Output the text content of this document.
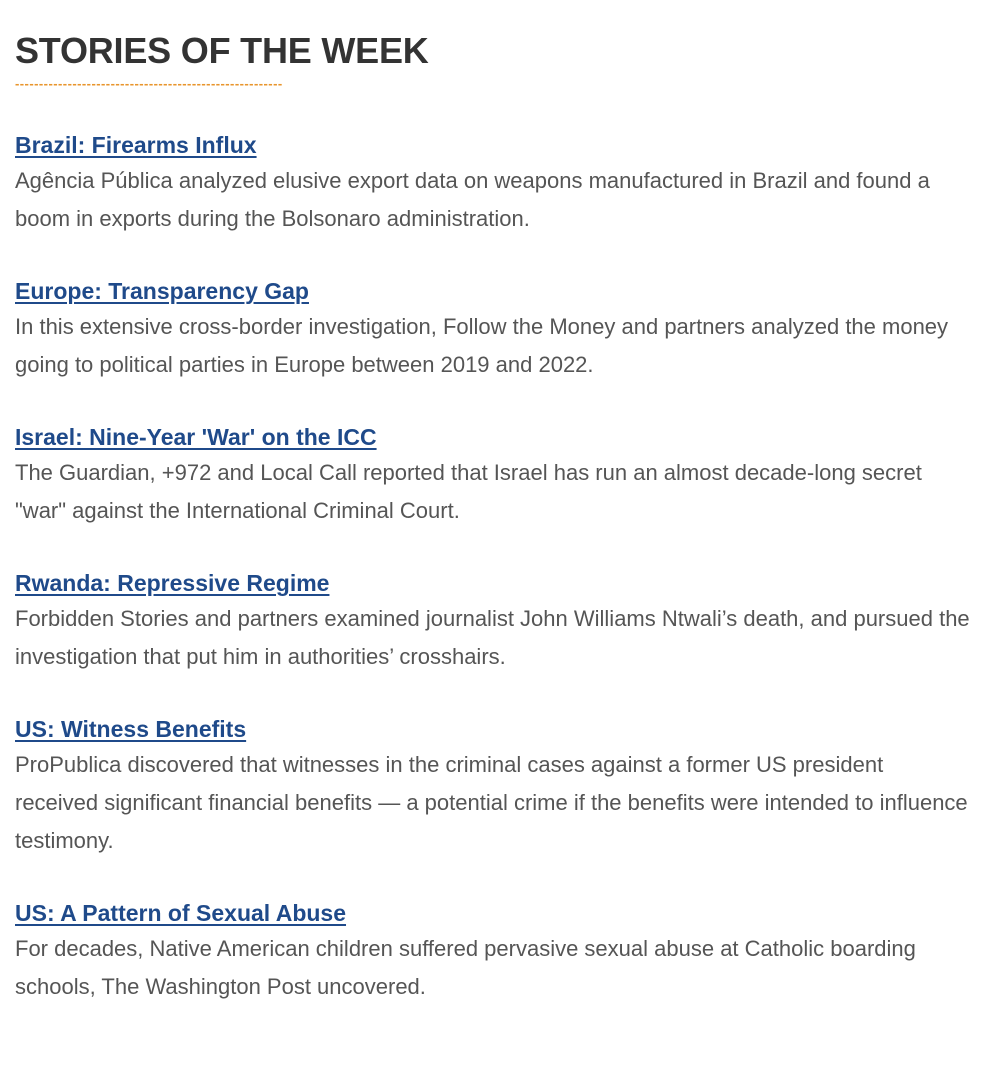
STORIES OF THE WEEK
--------------------------------------------------------
Brazil: Firearms Influx

Agência Pública analyzed elusive export data on weapons manufactured in Brazil and found a boom in exports during the Bolsonaro administration.

Europe: Transparency Gap

In this extensive cross-border investigation, Follow the Money and partners analyzed the money going to political parties in Europe between 2019 and 2022.

Israel: Nine-Year 'War' on the ICC

The Guardian, +972 and Local Call reported that Israel has run an almost decade-long secret "war" against the International Criminal Court.

Rwanda: Repressive Regime

Forbidden Stories and partners examined journalist John Williams Ntwali’s death, and pursued the investigation that put him in authorities’ crosshairs.

US: Witness Benefits

ProPublica discovered that witnesses in the criminal cases against a former US president received significant financial benefits — a potential crime if the benefits were intended to influence testimony.

US: A Pattern of Sexual Abuse

For decades, Native American children suffered pervasive sexual abuse at Catholic boarding schools, The Washington Post uncovered.
